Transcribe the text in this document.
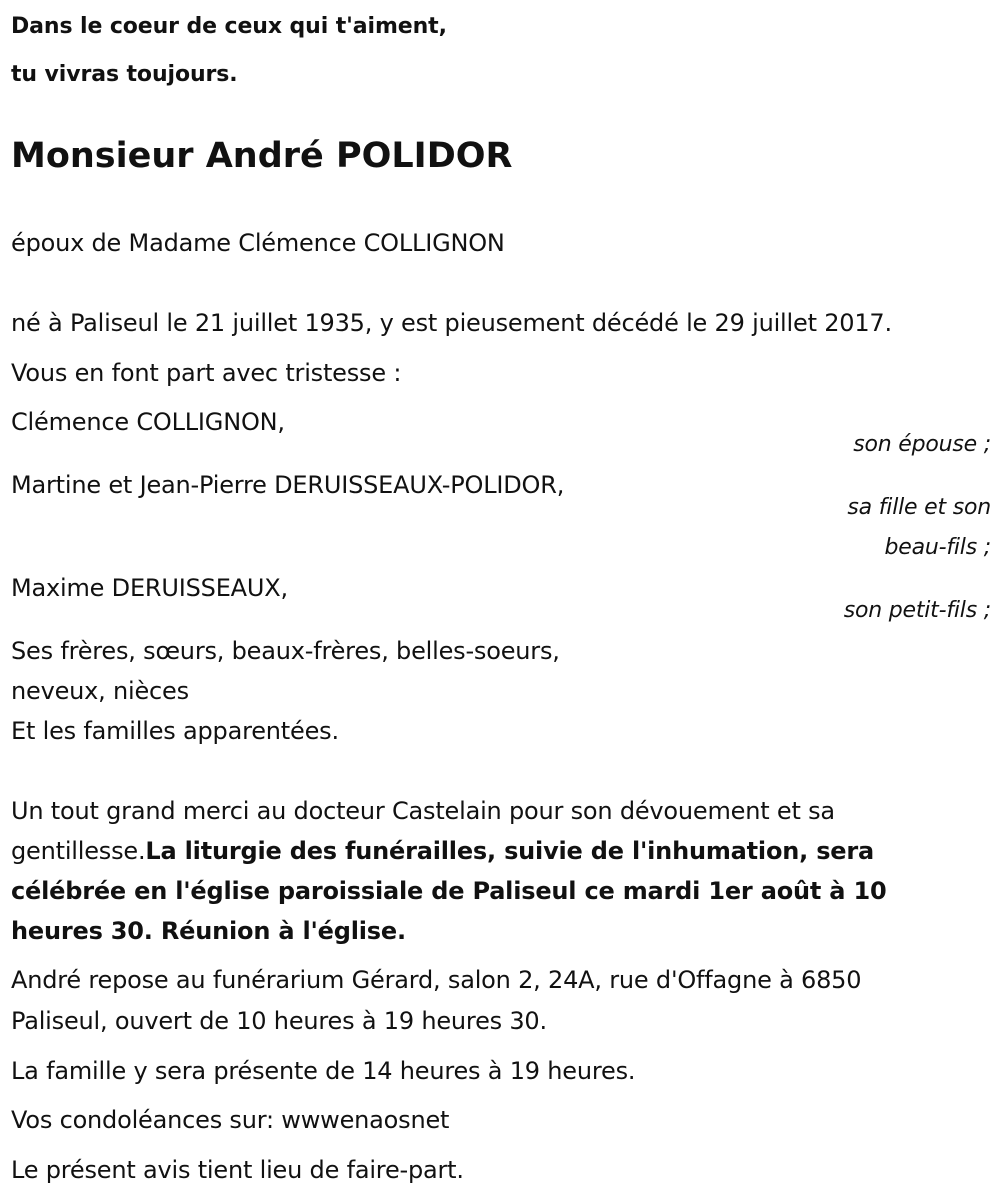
Dans le coeur de ceux qui t'aiment,
tu vivras toujours.
Monsieur André POLIDOR
époux de Madame Clémence COLLIGNON
né à Paliseul le 21 juillet 1935, y est pieusement décédé le 29 juillet 2017.
Vous en font part avec tristesse :
Clémence COLLIGNON,
son épouse ;
Martine et Jean-Pierre DERUISSEAUX-POLIDOR,
sa fille et son
beau-fils ;
Maxime DERUISSEAUX,
son petit-fils ;
Ses frères, sœurs, beaux-frères, belles-soeurs,
neveux, nièces
Et les familles apparentées.
Un tout grand merci au docteur Castelain pour son dévouement et sa
gentillesse.La liturgie des funérailles, suivie de l'inhumation, sera
célébrée en l'église paroissiale de Paliseul ce mardi 1er août à 10
heures 30. Réunion à l'église.
André repose au funérarium Gérard, salon 2, 24A, rue d'Offagne à 6850
Paliseul, ouvert de 10 heures à 19 heures 30.
La famille y sera présente de 14 heures à 19 heures.
Vos condoléances sur: wwwenaosnet
Le présent avis tient lieu de faire-part.
